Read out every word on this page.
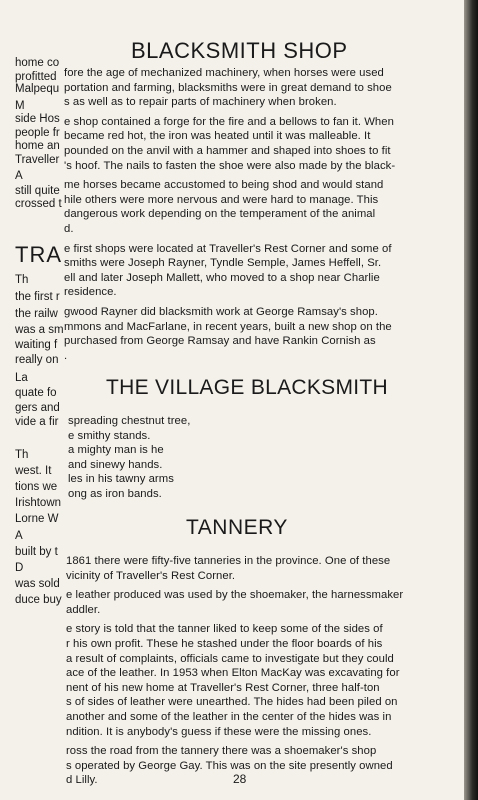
home co
profitted
Malpequ
M
side Hos
people fr
home an
Traveller
A
still quite
crossed t
TRA
Th
the first r
the railw
was a sm
waiting f
really on
La
quate fo
gers and
vide a fir
Th
west. It
tions we
Irishtown
Lorne W
A
built by t
D
was sold
duce buy
BLACKSMITH SHOP
fore the age of mechanized machinery, when horses were used
portation and farming, blacksmiths were in great demand to shoe
s as well as to repair parts of machinery when broken.
e shop contained a forge for the fire and a bellows to fan it. When
became red hot, the iron was heated until it was malleable. It
pounded on the anvil with a hammer and shaped into shoes to fit
's hoof. The nails to fasten the shoe were also made by the black-
me horses became accustomed to being shod and would stand
hile others were more nervous and were hard to manage. This
dangerous work depending on the temperament of the animal
d.
e first shops were located at Traveller's Rest Corner and some of
smiths were Joseph Rayner, Tyndle Semple, James Heffell, Sr.
ell and later Joseph Mallett, who moved to a shop near Charlie
residence.
gwood Rayner did blacksmith work at George Ramsay's shop.
mmons and MacFarlane, in recent years, built a new shop on the
purchased from George Ramsay and have Rankin Cornish as
.
THE VILLAGE BLACKSMITH
spreading chestnut tree,
e smithy stands.
a mighty man is he
and sinewy hands.
les in his tawny arms
ong as iron bands.
TANNERY
1861 there were fifty-five tanneries in the province. One of these
vicinity of Traveller's Rest Corner.
e leather produced was used by the shoemaker, the harnessmaker
addler.
e story is told that the tanner liked to keep some of the sides of
r his own profit. These he stashed under the floor boards of his
a result of complaints, officials came to investigate but they could
ace of the leather. In 1953 when Elton MacKay was excavating for
nent of his new home at Traveller's Rest Corner, three half-ton
s of sides of leather were unearthed. The hides had been piled on
another and some of the leather in the center of the hides was in
ndition. It is anybody's guess if these were the missing ones.
ross the road from the tannery there was a shoemaker's shop
s operated by George Gay. This was on the site presently owned
d Lilly.	28
